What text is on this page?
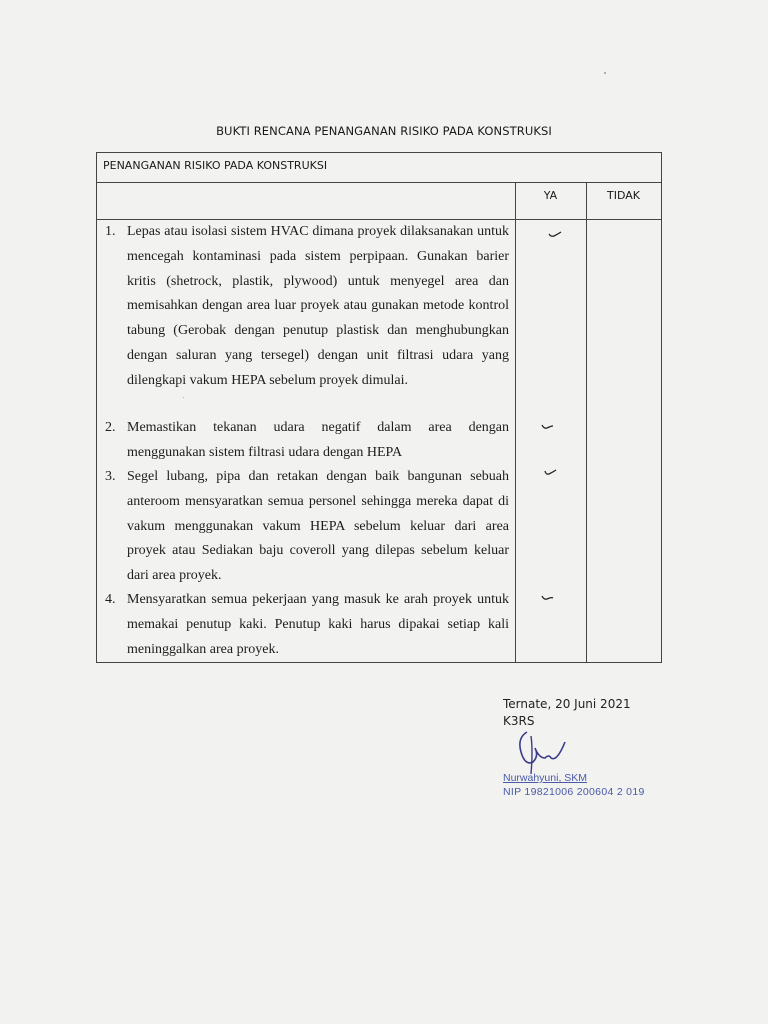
BUKTI RENCANA PENANGANAN RISIKO PADA KONSTRUKSI
PENANGANAN RISIKO PADA KONSTRUKSI
YA	TIDAK
1. Lepas atau isolasi sistem HVAC dimana proyek dilaksanakan untuk mencegah kontaminasi pada sistem perpipaan. Gunakan barier kritis (shetrock, plastik, plywood) untuk menyegel area dan memisahkan dengan area luar proyek atau gunakan metode kontrol tabung (Gerobak dengan penutup plastisk dan menghubungkan dengan saluran yang tersegel) dengan unit filtrasi udara yang dilengkapi vakum HEPA sebelum proyek dimulai.
2. Memastikan tekanan udara negatif dalam area dengan menggunakan sistem filtrasi udara dengan HEPA
3. Segel lubang, pipa dan retakan dengan baik bangunan sebuah anteroom mensyaratkan semua personel sehingga mereka dapat di vakum menggunakan vakum HEPA sebelum keluar dari area proyek atau Sediakan baju coveroll yang dilepas sebelum keluar dari area proyek.
4. Mensyaratkan semua pekerjaan yang masuk ke arah proyek untuk memakai penutup kaki. Penutup kaki harus dipakai setiap kali meninggalkan area proyek.
Ternate, 20 Juni 2021
K3RS
Nurwahyuni, SKM
NIP 19821006 200604 2 019
